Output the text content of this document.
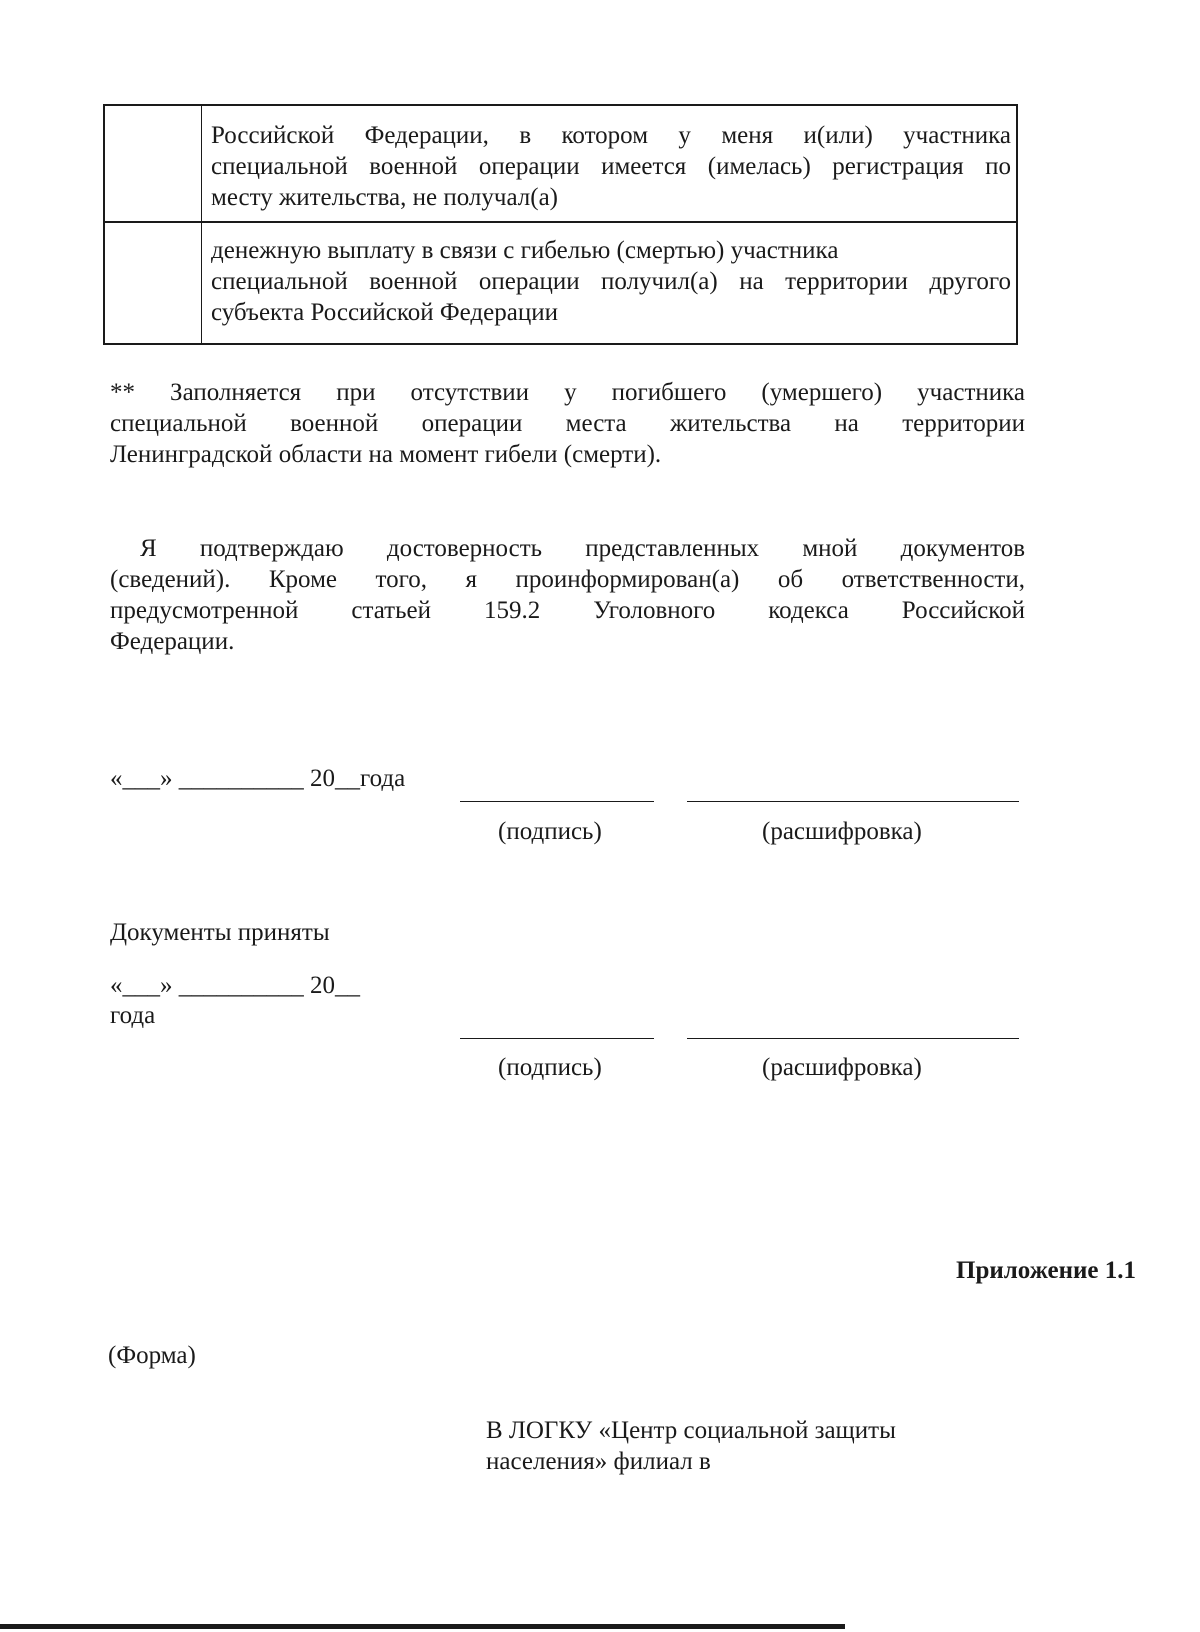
Российской Федерации, в котором у меня и(или) участника
специальной военной операции имеется (имелась) регистрация по
месту жительства, не получал(а)
денежную выплату в связи с гибелью (смертью) участника
специальной военной операции получил(а) на территории другого
субъекта Российской Федерации
** Заполняется при отсутствии у погибшего (умершего) участника
специальной военной операции места жительства на территории
Ленинградской области на момент гибели (смерти).
Я подтверждаю достоверность представленных мной документов
(сведений). Кроме того, я проинформирован(а) об ответственности,
предусмотренной статьей 159.2 Уголовного кодекса Российской
Федерации.
«___» __________ 20__года
(подпись)	(расшифровка)
Документы приняты
«___» __________ 20__
года
(подпись)	(расшифровка)
Приложение 1.1
(Форма)
В ЛОГКУ «Центр социальной защиты
населения» филиал в
